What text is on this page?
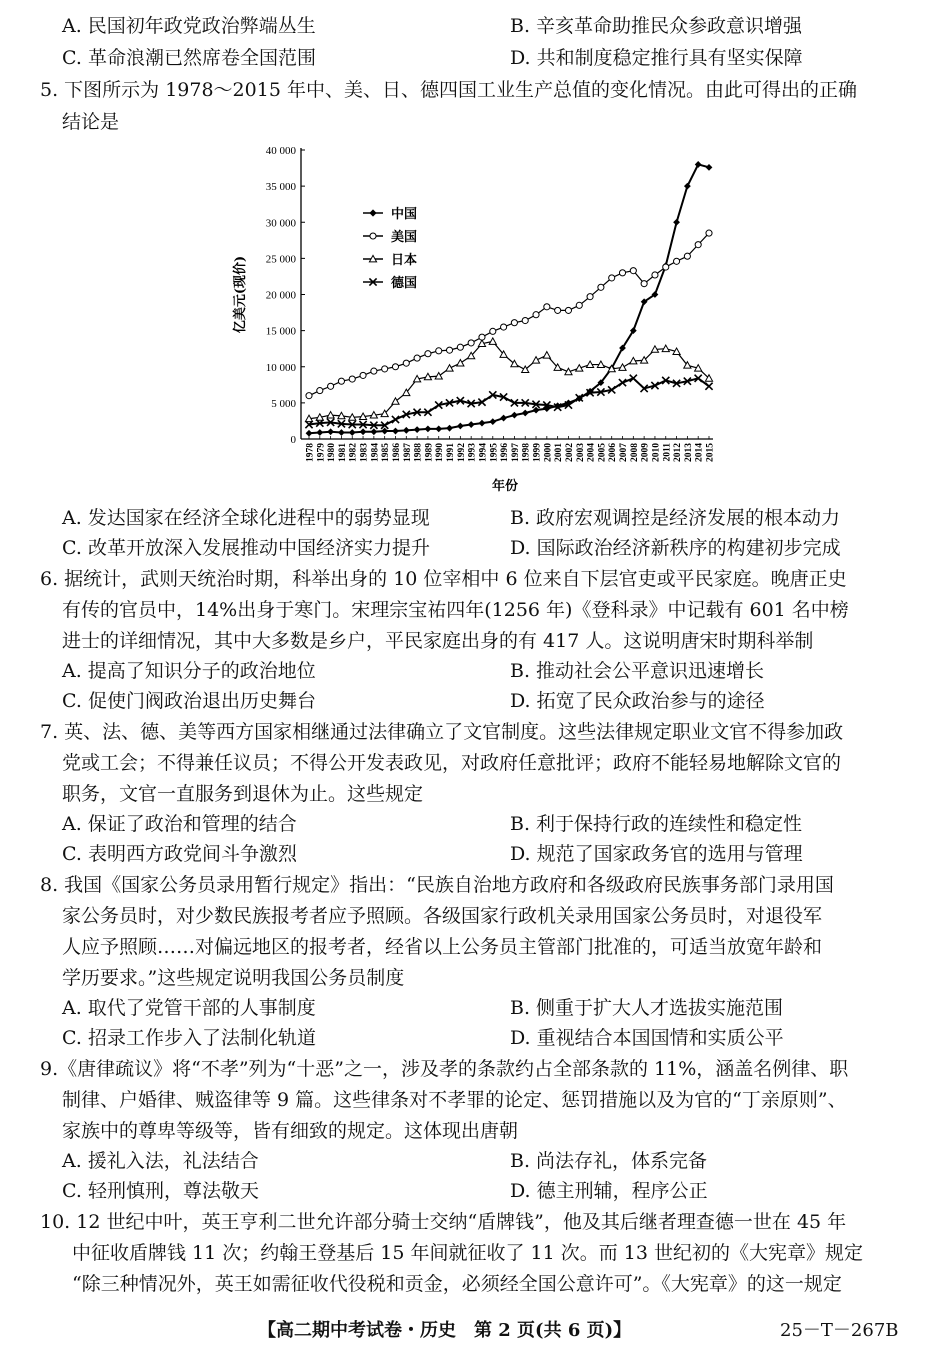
A. 民国初年政党政治弊端丛生	B. 辛亥革命助推民众参政意识增强
C. 革命浪潮已然席卷全国范围	D. 共和制度稳定推行具有坚实保障
5. 下图所示为 1978～2015 年中、美、日、德四国工业生产总值的变化情况。由此可得出的正确
结论是
0
5 000
10 000
15 000
20 000
25 000
30 000
35 000
40 000
1978 1979 1980 1981 1982 1983 1984 1985 1986 1987 1988 1989 1990 1991 1992 1993 1994 1995 1996 1997 1998 1999 2000 2001 2002 2003 2004 2005 2006 2007 2008 2009 2010 2011 2012 2013 2014 2015
亿美元(现价)
年份
中国
美国
日本
德国
A. 发达国家在经济全球化进程中的弱势显现	B. 政府宏观调控是经济发展的根本动力
C. 改革开放深入发展推动中国经济实力提升	D. 国际政治经济新秩序的构建初步完成
6. 据统计，武则天统治时期，科举出身的 10 位宰相中 6 位来自下层官吏或平民家庭。晚唐正史
有传的官员中，14%出身于寒门。宋理宗宝祐四年(1256 年)《登科录》中记载有 601 名中榜
进士的详细情况，其中大多数是乡户，平民家庭出身的有 417 人。这说明唐宋时期科举制
A. 提高了知识分子的政治地位	B. 推动社会公平意识迅速增长
C. 促使门阀政治退出历史舞台	D. 拓宽了民众政治参与的途径
7. 英、法、德、美等西方国家相继通过法律确立了文官制度。这些法律规定职业文官不得参加政
党或工会；不得兼任议员；不得公开发表政见，对政府任意批评；政府不能轻易地解除文官的
职务，文官一直服务到退休为止。这些规定
A. 保证了政治和管理的结合	B. 利于保持行政的连续性和稳定性
C. 表明西方政党间斗争激烈	D. 规范了国家政务官的选用与管理
8. 我国《国家公务员录用暂行规定》指出：“民族自治地方政府和各级政府民族事务部门录用国
家公务员时，对少数民族报考者应予照顾。各级国家行政机关录用国家公务员时，对退役军
人应予照顾……对偏远地区的报考者，经省以上公务员主管部门批准的，可适当放宽年龄和
学历要求。”这些规定说明我国公务员制度
A. 取代了党管干部的人事制度	B. 侧重于扩大人才选拔实施范围
C. 招录工作步入了法制化轨道	D. 重视结合本国国情和实质公平
9.《唐律疏议》将“不孝”列为“十恶”之一，涉及孝的条款约占全部条款的 11%，涵盖名例律、职
制律、户婚律、贼盗律等 9 篇。这些律条对不孝罪的论定、惩罚措施以及为官的“丁亲原则”、
家族中的尊卑等级等，皆有细致的规定。这体现出唐朝
A. 援礼入法，礼法结合	B. 尚法存礼，体系完备
C. 轻刑慎刑，尊法敬天	D. 德主刑辅，程序公正
10. 12 世纪中叶，英王亨利二世允许部分骑士交纳“盾牌钱”，他及其后继者理查德一世在 45 年
中征收盾牌钱 11 次；约翰王登基后 15 年间就征收了 11 次。而 13 世纪初的《大宪章》规定
“除三种情况外，英王如需征收代役税和贡金，必须经全国公意许可”。《大宪章》的这一规定
【高二期中考试卷・历史　第 2 页(共 6 页)】	25－T－267B
